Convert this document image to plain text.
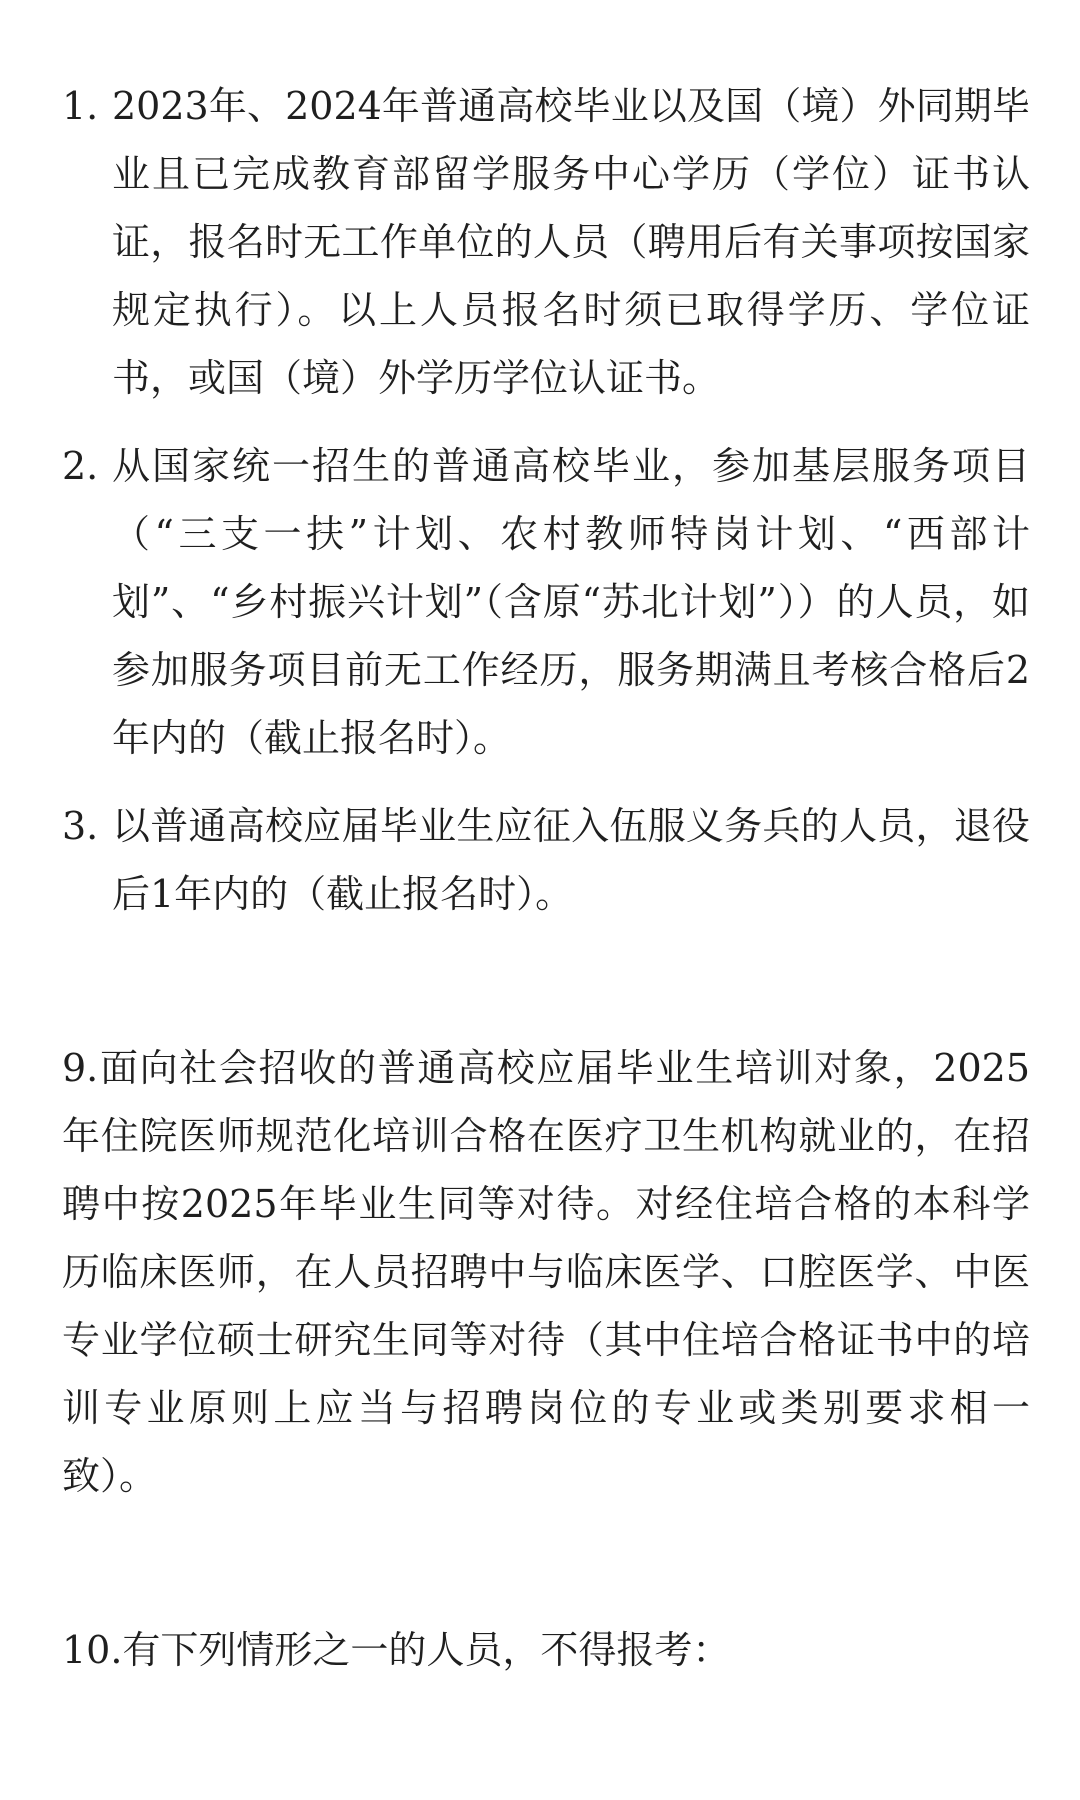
1. 2023年、2024年普通高校毕业以及国（境）外同期毕业且已完成教育部留学服务中心学历（学位）证书认证，报名时无工作单位的人员（聘用后有关事项按国家规定执行）。以上人员报名时须已取得学历、学位证书，或国（境）外学历学位认证书。
2. 从国家统一招生的普通高校毕业，参加基层服务项目（“三支一扶”计划、农村教师特岗计划、“西部计划”、“乡村振兴计划”（含原“苏北计划”））的人员，如参加服务项目前无工作经历，服务期满且考核合格后2年内的（截止报名时）。
3. 以普通高校应届毕业生应征入伍服义务兵的人员，退役后1年内的（截止报名时）。

9.面向社会招收的普通高校应届毕业生培训对象，2025年住院医师规范化培训合格在医疗卫生机构就业的，在招聘中按2025年毕业生同等对待。对经住培合格的本科学历临床医师，在人员招聘中与临床医学、口腔医学、中医专业学位硕士研究生同等对待（其中住培合格证书中的培训专业原则上应当与招聘岗位的专业或类别要求相一致）。

10.有下列情形之一的人员，不得报考：
